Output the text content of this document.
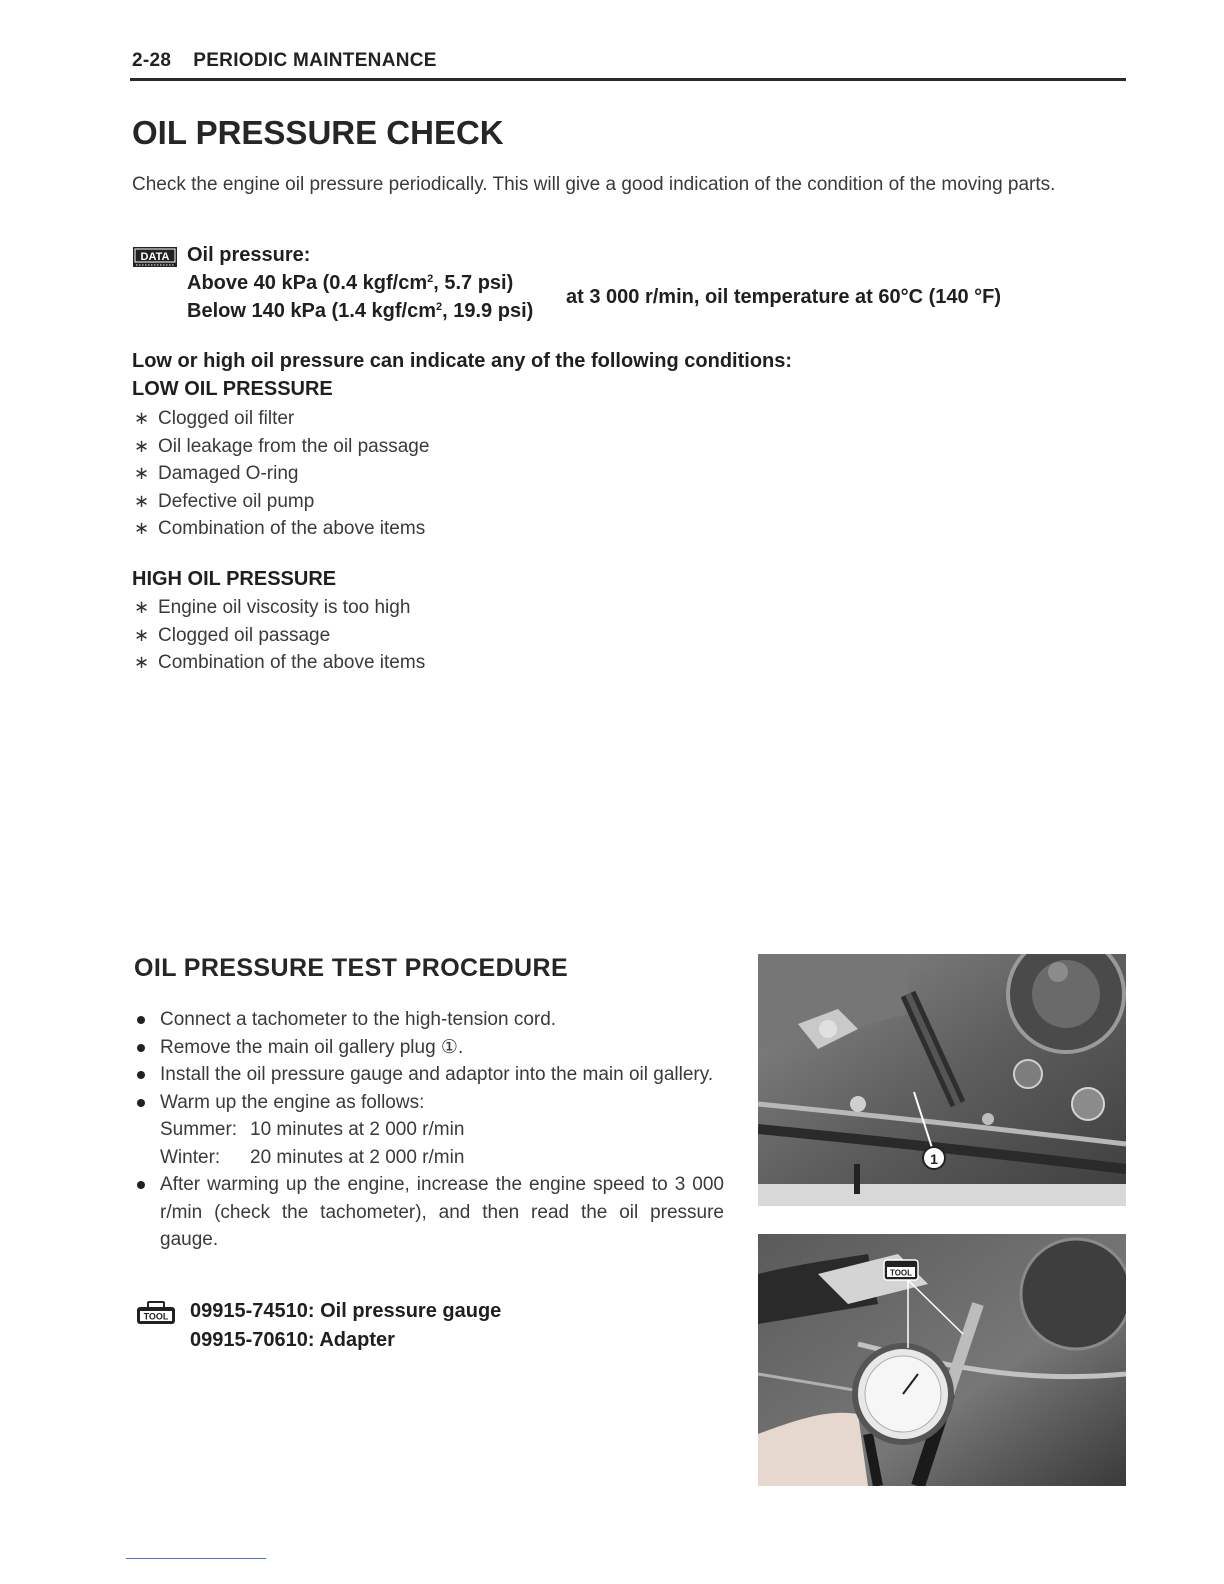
2-28 PERIODIC MAINTENANCE
OIL PRESSURE CHECK
Check the engine oil pressure periodically. This will give a good indication of the condition of the moving parts.
DATA Oil pressure:
Above 40 kPa (0.4 kgf/$cm^2$, 5.7 psi)
Below 140 kPa (1.4 kgf/$cm^2$, 19.9 psi)
at 3 000 r/min, oil temperature at 60°C (140 °F)
Low or high oil pressure can indicate any of the following conditions:
LOW OIL PRESSURE
∗ Clogged oil filter
∗ Oil leakage from the oil passage
∗ Damaged O-ring
∗ Defective oil pump
∗ Combination of the above items
HIGH OIL PRESSURE
∗ Engine oil viscosity is too high
∗ Clogged oil passage
∗ Combination of the above items
OIL PRESSURE TEST PROCEDURE
Connect a tachometer to the high-tension cord.
Remove the main oil gallery plug ①.
Install the oil pressure gauge and adaptor into the main oil gallery.
Warm up the engine as follows:
Summer: 10 minutes at 2 000 r/min
Winter: 20 minutes at 2 000 r/min
After warming up the engine, increase the engine speed to 3 000 r/min (check the tachometer), and then read the oil pressure gauge.
TOOL 09915-74510: Oil pressure gauge
09915-70610: Adapter
1
TOOL
